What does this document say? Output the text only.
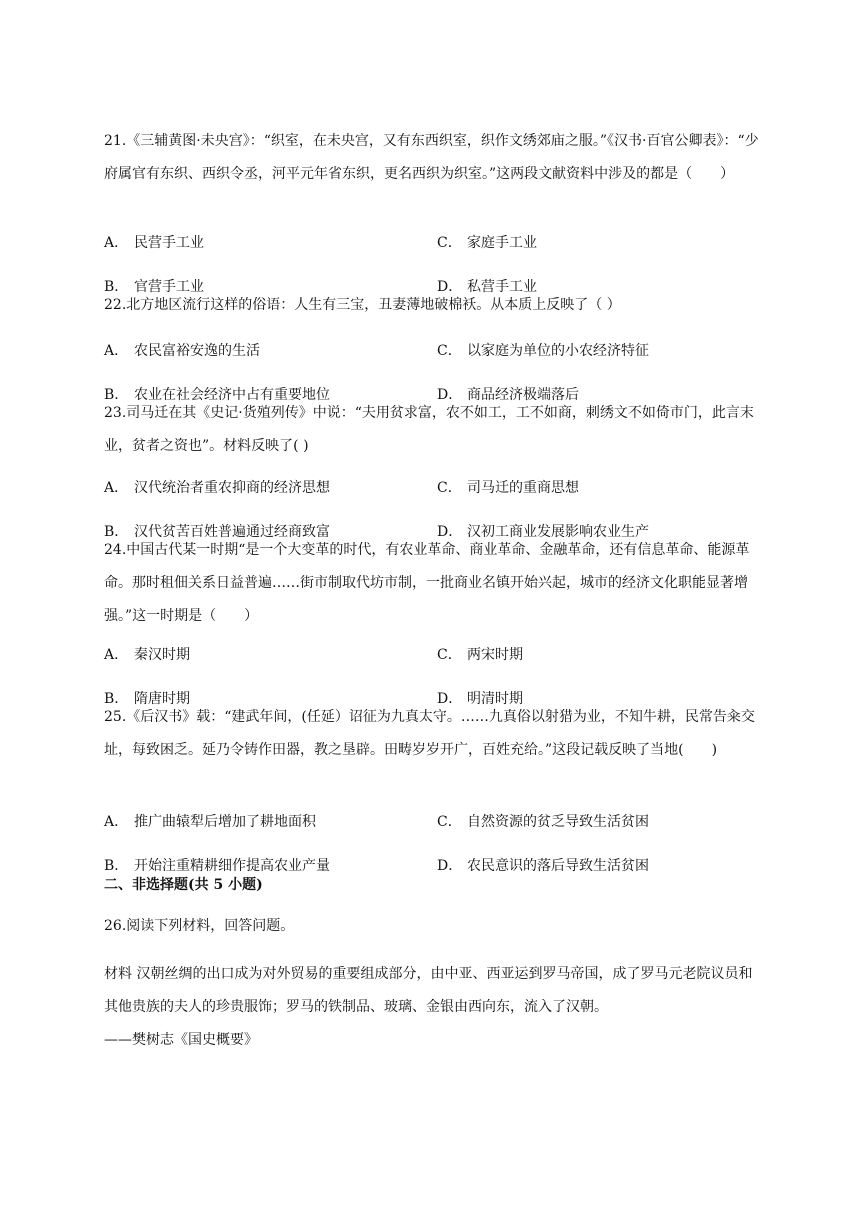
21.《三辅黄图·未央宫》：“织室，在未央宫，又有东西织室，织作文绣郊庙之服。”《汉书·百官公卿表》：“少府属官有东织、西织令丞，河平元年省东织，更名西织为织室。”这两段文献资料中涉及的都是（　　）
A． 民营手工业	C． 家庭手工业
B． 官营手工业	D． 私营手工业
22.北方地区流行这样的俗语：人生有三宝，丑妻薄地破棉袄。从本质上反映了（ ）
A． 农民富裕安逸的生活	C． 以家庭为单位的小农经济特征
B． 农业在社会经济中占有重要地位	D． 商品经济极端落后
23.司马迁在其《史记·货殖列传》中说：“夫用贫求富，农不如工，工不如商，刺绣文不如倚市门，此言末业，贫者之资也”。材料反映了( )
A． 汉代统治者重农抑商的经济思想	C． 司马迁的重商思想
B． 汉代贫苦百姓普遍通过经商致富	D． 汉初工商业发展影响农业生产
24.中国古代某一时期“是一个大变革的时代，有农业革命、商业革命、金融革命，还有信息革命、能源革命。那时租佃关系日益普遍……街市制取代坊市制，一批商业名镇开始兴起，城市的经济文化职能显著增强。”这一时期是（　　）
A． 秦汉时期	C． 两宋时期
B． 隋唐时期	D． 明清时期
25.《后汉书》载：“建武年间，(任延）诏征为九真太守。……九真俗以射猎为业，不知牛耕，民常告籴交址，每致困乏。延乃令铸作田器，教之垦辟。田畴岁岁开广，百姓充给。”这段记载反映了当地(　　)
A． 推广曲辕犁后增加了耕地面积	C． 自然资源的贫乏导致生活贫困
B． 开始注重精耕细作提高农业产量	D． 农民意识的落后导致生活贫困
二、非选择题(共 5 小题)
26.阅读下列材料，回答问题。
材料 汉朝丝绸的出口成为对外贸易的重要组成部分，由中亚、西亚运到罗马帝国，成了罗马元老院议员和其他贵族的夫人的珍贵服饰；罗马的铁制品、玻璃、金银由西向东，流入了汉朝。
——樊树志《国史概要》
